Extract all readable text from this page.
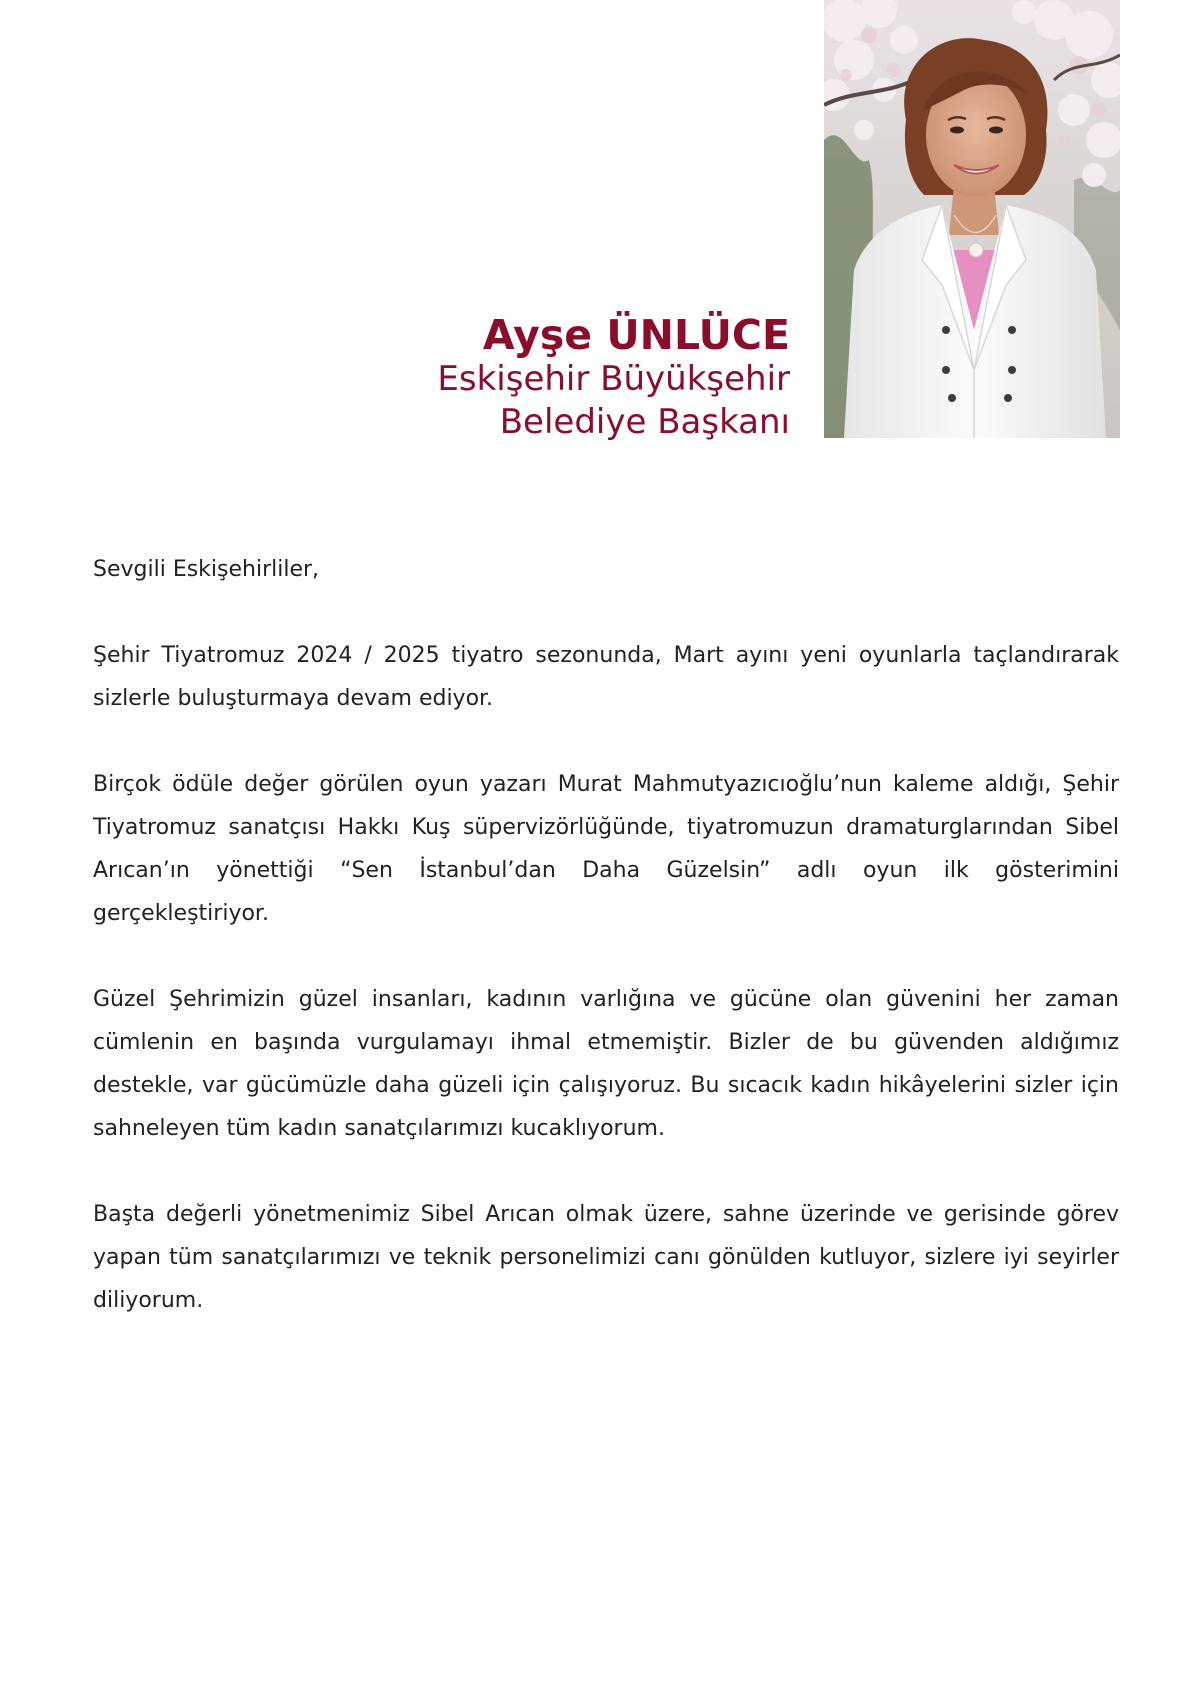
Ayşe ÜNLÜCE
Eskişehir Büyükşehir
Belediye Başkanı

Sevgili Eskişehirliler,

Şehir Tiyatromuz 2024 / 2025 tiyatro sezonunda, Mart ayını yeni oyunlarla taçlandırarak sizlerle buluşturmaya devam ediyor.

Birçok ödüle değer görülen oyun yazarı Murat Mahmutyazıcıoğlu’nun kaleme aldığı, Şehir Tiyatromuz sanatçısı Hakkı Kuş süpervizörlüğünde, tiyatromuzun dramaturglarından Sibel Arıcan’ın yönettiği “Sen İstanbul’dan Daha Güzelsin” adlı oyun ilk gösterimini gerçekleştiriyor.

Güzel Şehrimizin güzel insanları, kadının varlığına ve gücüne olan güvenini her zaman cümlenin en başında vurgulamayı ihmal etmemiştir. Bizler de bu güvenden aldığımız destekle, var gücümüzle daha güzeli için çalışıyoruz. Bu sıcacık kadın hikâyelerini sizler için sahneleyen tüm kadın sanatçılarımızı kucaklıyorum.

Başta değerli yönetmenimiz Sibel Arıcan olmak üzere, sahne üzerinde ve gerisinde görev yapan tüm sanatçılarımızı ve teknik personelimizi canı gönülden kutluyor, sizlere iyi seyirler diliyorum.
